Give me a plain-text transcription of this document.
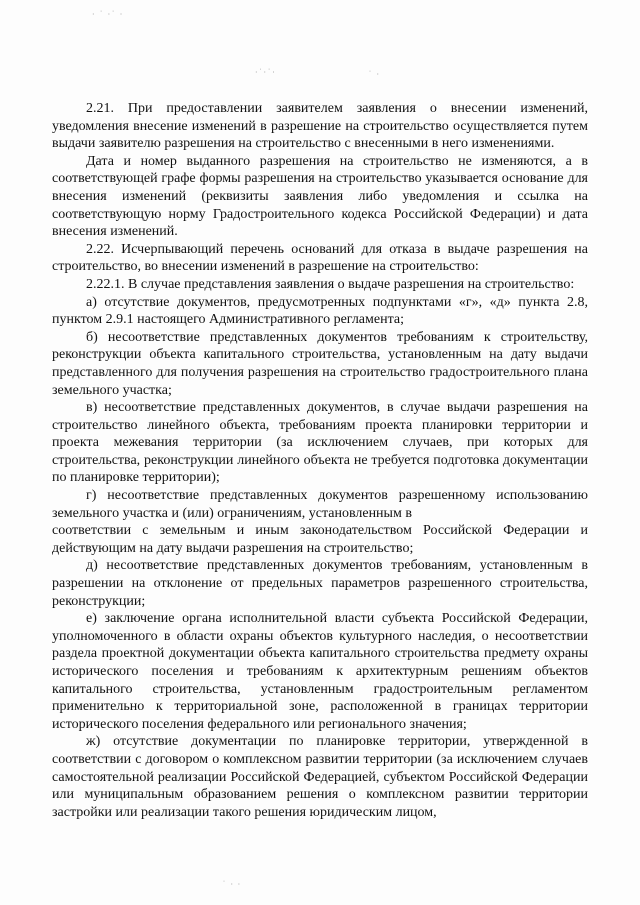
· ˙ ·˙ ·
·˙·˙·	˙ ·
˙ · ·

2.21. При предоставлении заявителем заявления о внесении изменений, уведомления внесение изменений в разрешение на строительство осуществляется путем выдачи заявителю разрешения на строительство с внесенными в него изменениями.

Дата и номер выданного разрешения на строительство не изменяются, а в соответствующей графе формы разрешения на строительство указывается основание для внесения изменений (реквизиты заявления либо уведомления и ссылка на соответствующую норму Градостроительного кодекса Российской Федерации) и дата внесения изменений.

2.22. Исчерпывающий перечень оснований для отказа в выдаче разрешения на строительство, во внесении изменений в разрешение на строительство:

2.22.1. В случае представления заявления о выдаче разрешения на строительство:

а) отсутствие документов, предусмотренных подпунктами «г», «д» пункта 2.8, пунктом 2.9.1 настоящего Административного регламента;

б) несоответствие представленных документов требованиям к строительству, реконструкции объекта капитального строительства, установленным на дату выдачи представленного для получения разрешения на строительство градостроительного плана земельного участка;

в) несоответствие представленных документов, в случае выдачи разрешения на строительство линейного объекта, требованиям проекта планировки территории и проекта межевания территории (за исключением случаев, при которых для строительства, реконструкции линейного объекта не требуется подготовка документации по планировке территории);

г) несоответствие представленных документов разрешенному использованию земельного участка и (или) ограничениям, установленным в

соответствии с земельным и иным законодательством Российской Федерации и действующим на дату выдачи разрешения на строительство;

д) несоответствие представленных документов требованиям, установленным в разрешении на отклонение от предельных параметров разрешенного строительства, реконструкции;

е) заключение органа исполнительной власти субъекта Российской Федерации, уполномоченного в области охраны объектов культурного наследия, о несоответствии раздела проектной документации объекта капитального строительства предмету охраны исторического поселения и требованиям к архитектурным решениям объектов капитального строительства, установленным градостроительным регламентом применительно к территориальной зоне, расположенной в границах территории исторического поселения федерального или регионального значения;

ж) отсутствие документации по планировке территории, утвержденной в соответствии с договором о комплексном развитии территории (за исключением случаев самостоятельной реализации Российской Федерацией, субъектом Российской Федерации или муниципальным образованием решения о комплексном развитии территории застройки или реализации такого решения юридическим лицом,
